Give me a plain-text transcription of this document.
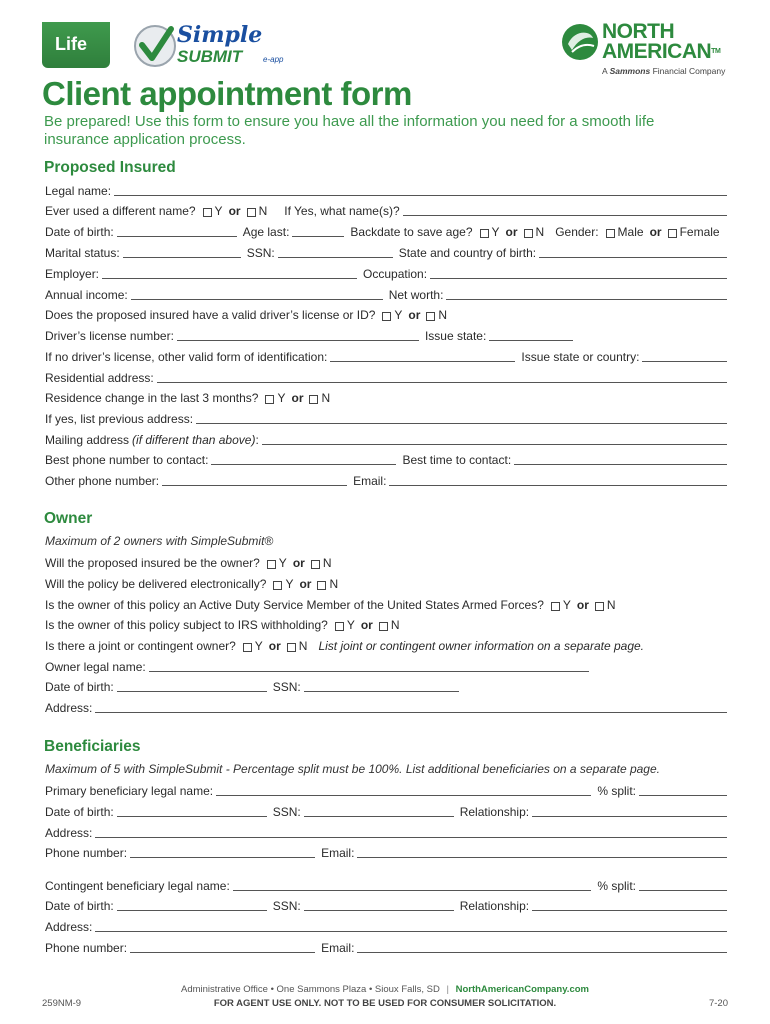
Life	Simple
SUBMIT	e-app
NORTH
AMERICANTM
A Sammons Financial Company
Client appointment form
Be prepared! Use this form to ensure you have all the information you need for a smooth life insurance application process.
Proposed Insured
Legal name:
Ever used a different name? Y or N If Yes, what name(s)?
Date of birth:	Age last:	Backdate to save age? Y or N Gender: Male or Female
Marital status:	SSN:	State and country of birth:
Employer:	Occupation:
Annual income:	Net worth:
Does the proposed insured have a valid driver’s license or ID? Y or N
Driver’s license number:	Issue state:
If no driver’s license, other valid form of identification:	Issue state or country:
Residential address:
Residence change in the last 3 months? Y or N
If yes, list previous address:
Mailing address (if different than above) :
Best phone number to contact:	Best time to contact:
Other phone number:	Email:
Owner
Maximum of 2 owners with SimpleSubmit®
Will the proposed insured be the owner? Y or N
Will the policy be delivered electronically? Y or N
Is the owner of this policy an Active Duty Service Member of the United States Armed Forces? Y or N
Is the owner of this policy subject to IRS withholding? Y or N
Is there a joint or contingent owner? Y or N List joint or contingent owner information on a separate page.
Owner legal name:
Date of birth:	SSN:
Address:
Beneficiaries
Maximum of 5 with SimpleSubmit - Percentage split must be 100%. List additional beneficiaries on a separate page.
Primary beneficiary legal name:	% split:
Date of birth:	SSN:	Relationship:
Address:
Phone number:	Email:
Contingent beneficiary legal name:	% split:
Date of birth:	SSN:	Relationship:
Address:
Phone number:	Email:
Administrative Office • One Sammons Plaza • Sioux Falls, SD | NorthAmericanCompany.com
259NM-9	FOR AGENT USE ONLY. NOT TO BE USED FOR CONSUMER SOLICITATION.	7-20
